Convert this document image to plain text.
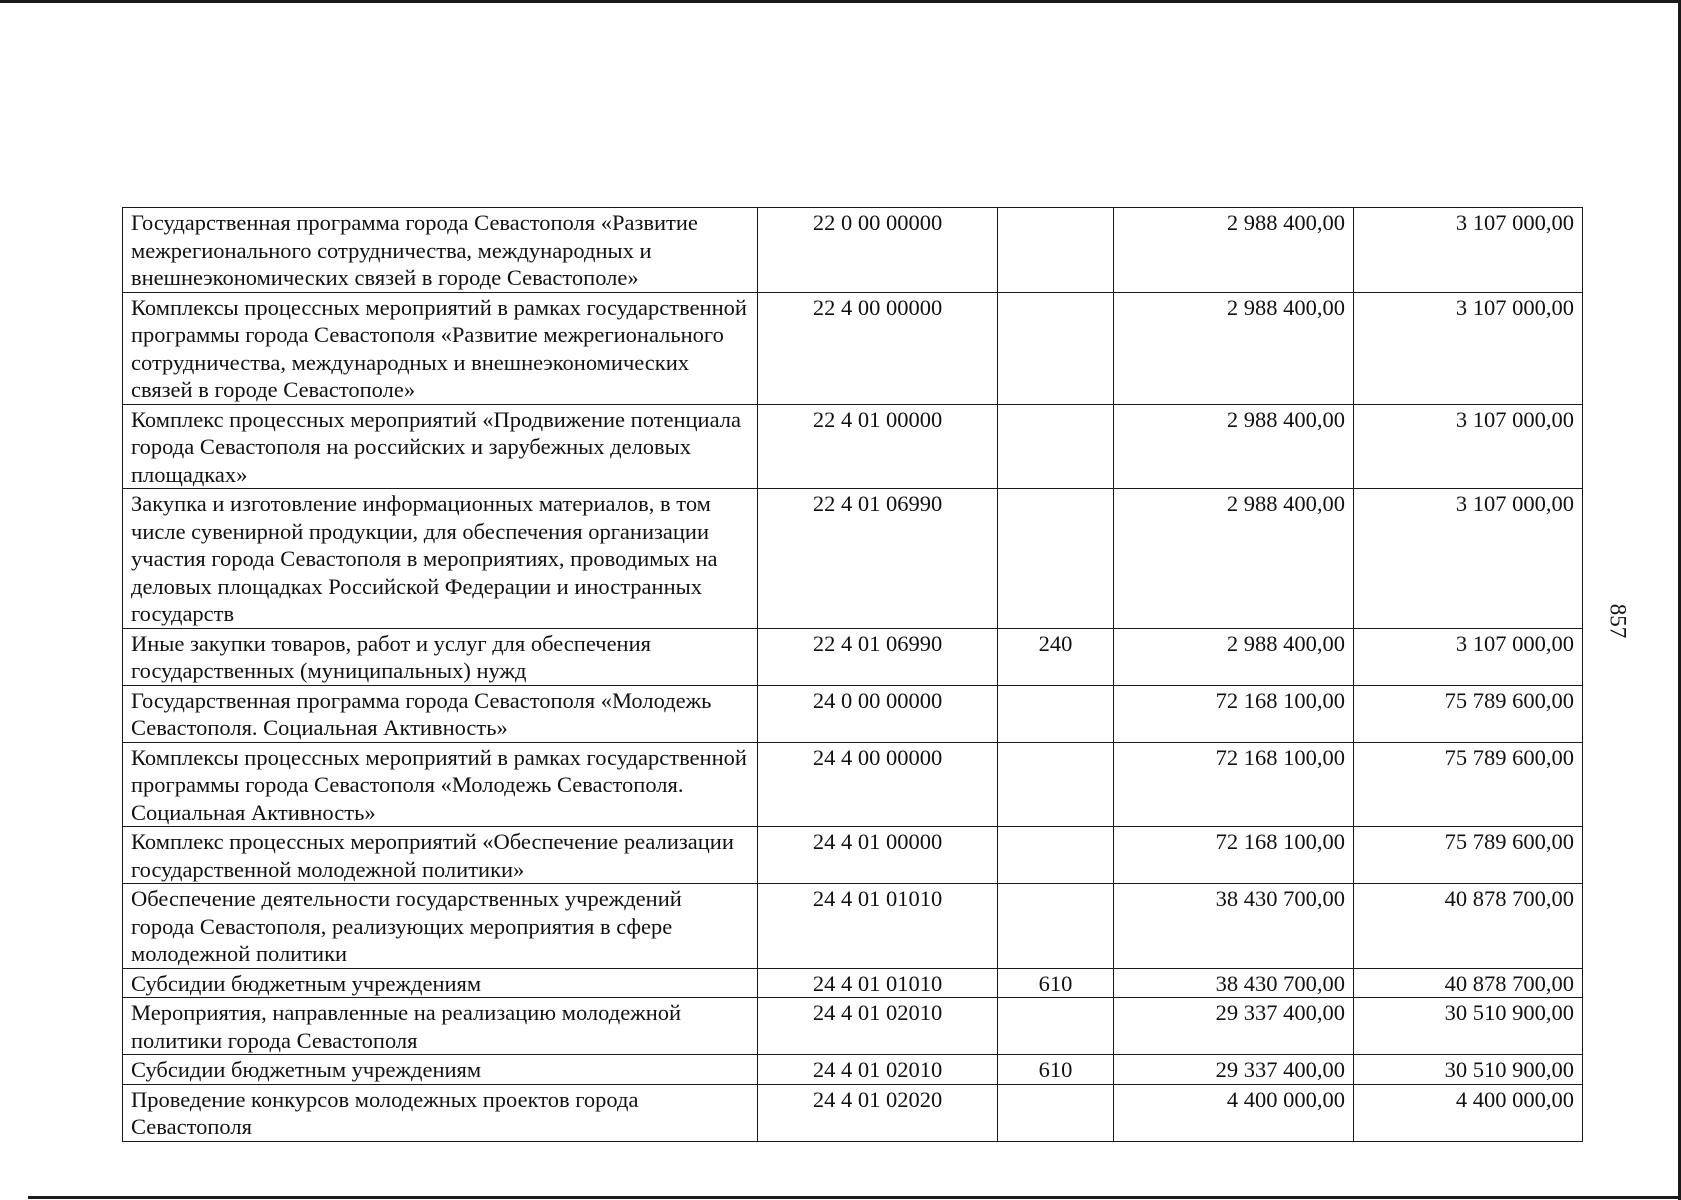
857
Государственная программа города Севастополя «Развитие межрегионального сотрудничества, международных и внешнеэкономических связей в городе Севастополе»	22 0 00 00000		2 988 400,00	3 107 000,00
Комплексы процессных мероприятий в рамках государственной программы города Севастополя «Развитие межрегионального сотрудничества, международных и внешнеэкономических связей в городе Севастополе»	22 4 00 00000		2 988 400,00	3 107 000,00
Комплекс процессных мероприятий «Продвижение потенциала города Севастополя на российских и зарубежных деловых площадках»	22 4 01 00000		2 988 400,00	3 107 000,00
Закупка и изготовление информационных материалов, в том числе сувенирной продукции, для обеспечения организации участия города Севастополя в мероприятиях, проводимых на деловых площадках Российской Федерации и иностранных государств	22 4 01 06990		2 988 400,00	3 107 000,00
Иные закупки товаров, работ и услуг для обеспечения государственных (муниципальных) нужд	22 4 01 06990	240	2 988 400,00	3 107 000,00
Государственная программа города Севастополя «Молодежь Севастополя. Социальная Активность»	24 0 00 00000		72 168 100,00	75 789 600,00
Комплексы процессных мероприятий в рамках государственной программы города Севастополя «Молодежь Севастополя. Социальная Активность»	24 4 00 00000		72 168 100,00	75 789 600,00
Комплекс процессных мероприятий «Обеспечение реализации государственной молодежной политики»	24 4 01 00000		72 168 100,00	75 789 600,00
Обеспечение деятельности государственных учреждений города Севастополя, реализующих мероприятия в сфере молодежной политики	24 4 01 01010		38 430 700,00	40 878 700,00
Субсидии бюджетным учреждениям	24 4 01 01010	610	38 430 700,00	40 878 700,00
Мероприятия, направленные на реализацию молодежной политики города Севастополя	24 4 01 02010		29 337 400,00	30 510 900,00
Субсидии бюджетным учреждениям	24 4 01 02010	610	29 337 400,00	30 510 900,00
Проведение конкурсов молодежных проектов города Севастополя	24 4 01 02020		4 400 000,00	4 400 000,00
